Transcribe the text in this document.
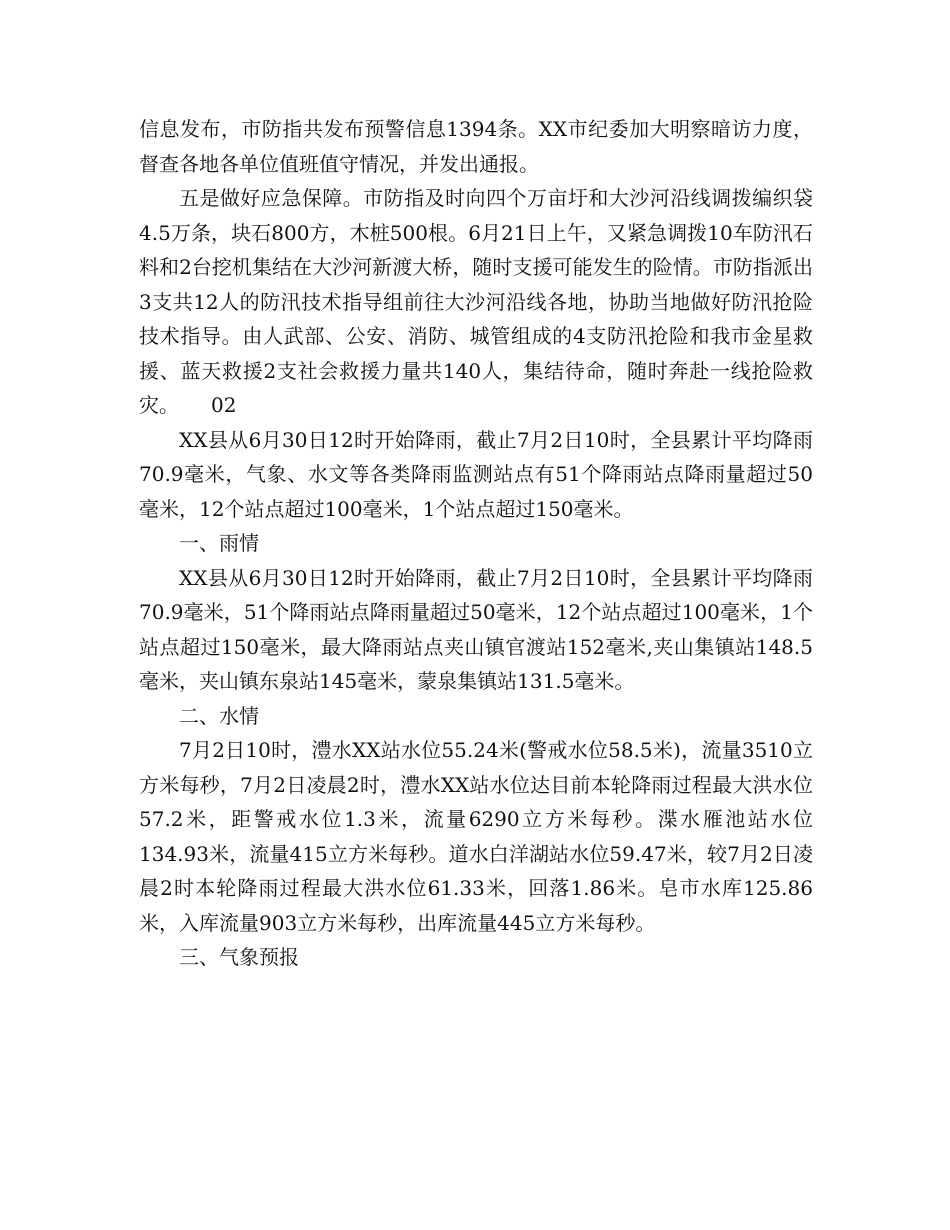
信息发布，市防指共发布预警信息1394条。XX市纪委加大明察暗访力度，督查各地各单位值班值守情况，并发出通报。

五是做好应急保障。市防指及时向四个万亩圩和大沙河沿线调拨编织袋4.5万条，块石800方，木桩500根。6月21日上午，又紧急调拨10车防汛石料和2台挖机集结在大沙河新渡大桥，随时支援可能发生的险情。市防指派出3支共12人的防汛技术指导组前往大沙河沿线各地，协助当地做好防汛抢险技术指导。由人武部、公安、消防、城管组成的4支防汛抢险和我市金星救援、蓝天救援2支社会救援力量共140人，集结待命，随时奔赴一线抢险救灾。 02

XX县从6月30日12时开始降雨，截止7月2日10时，全县累计平均降雨70.9毫米，气象、水文等各类降雨监测站点有51个降雨站点降雨量超过50毫米，12个站点超过100毫米，1个站点超过150毫米。

一、雨情

XX县从6月30日12时开始降雨，截止7月2日10时，全县累计平均降雨70.9毫米，51个降雨站点降雨量超过50毫米，12个站点超过100毫米，1个站点超过150毫米，最大降雨站点夹山镇官渡站152毫米,夹山集镇站148.5毫米，夹山镇东泉站145毫米，蒙泉集镇站131.5毫米。

二、水情

7月2日10时，澧水XX站水位55.24米(警戒水位58.5米)，流量3510立方米每秒，7月2日凌晨2时，澧水XX站水位达目前本轮降雨过程最大洪水位57.2米，距警戒水位1.3米，流量6290立方米每秒。渫水雁池站水位134.93米，流量415立方米每秒。道水白洋湖站水位59.47米，较7月2日凌晨2时本轮降雨过程最大洪水位61.33米，回落1.86米。皂市水库125.86米，入库流量903立方米每秒，出库流量445立方米每秒。

三、气象预报
